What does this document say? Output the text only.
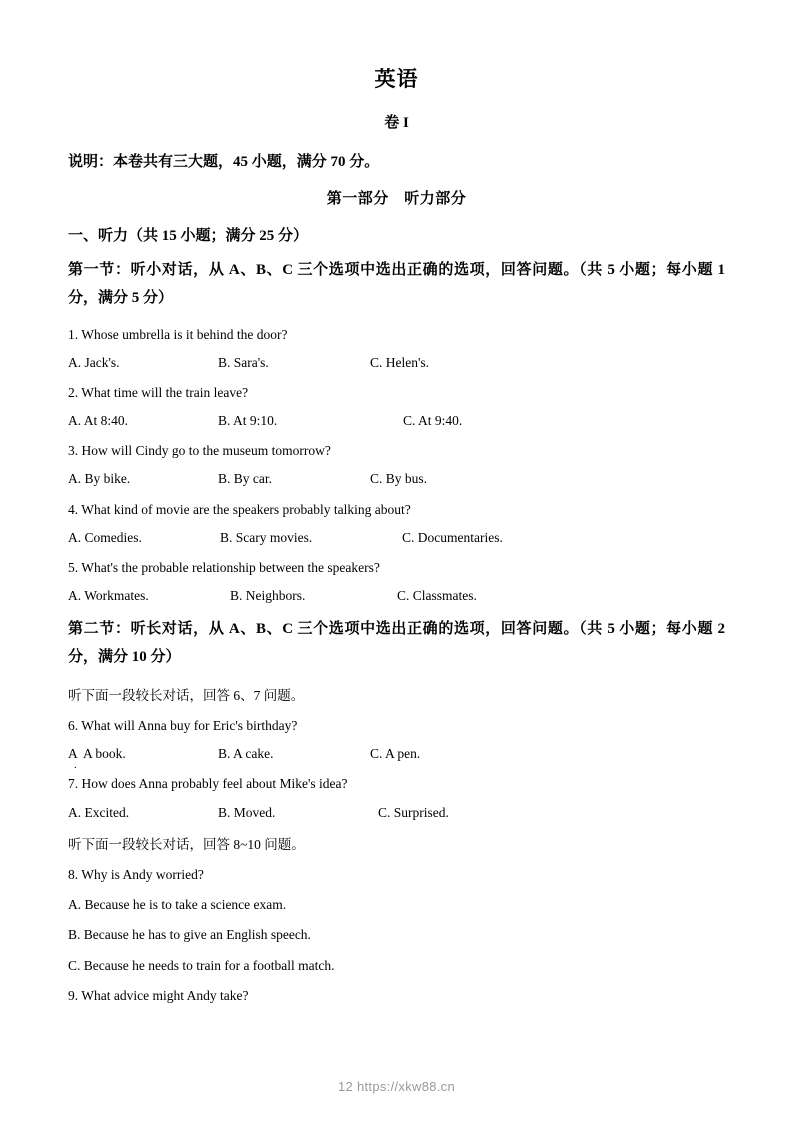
英语
卷 I
说明：本卷共有三大题，45 小题，满分 70 分。
第一部分　听力部分
一、听力（共 15 小题；满分 25 分）
第一节：听小对话，从 A、B、C 三个选项中选出正确的选项，回答问题。（共 5 小题；每小题 1 分，满分 5 分）
1. Whose umbrella is it behind the door?
A. Jack's.	B. Sara's.	C. Helen's.
2. What time will the train leave?
A. At 8:40.	B. At 9:10.	C. At 9:40.
3. How will Cindy go to the museum tomorrow?
A. By bike.	B. By car.	C. By bus.
4. What kind of movie are the speakers probably talking about?
A. Comedies.	B. Scary movies.	C. Documentaries.
5. What's the probable relationship between the speakers?
A. Workmates.	B. Neighbors.	C. Classmates.
第二节：听长对话，从 A、B、C 三个选项中选出正确的选项，回答问题。（共 5 小题；每小题 2 分，满分 10 分）
听下面一段较长对话，回答 6、7 问题。
6. What will Anna buy for Eric's birthday?
A  A book.	B. A cake.	C. A pen.
.
7. How does Anna probably feel about Mike's idea?
A. Excited.	B. Moved.	C. Surprised.
听下面一段较长对话，回答 8~10 问题。
8. Why is Andy worried?
A. Because he is to take a science exam.
B. Because he has to give an English speech.
C. Because he needs to train for a football match.
9. What advice might Andy take?
12 https://xkw88.cn
